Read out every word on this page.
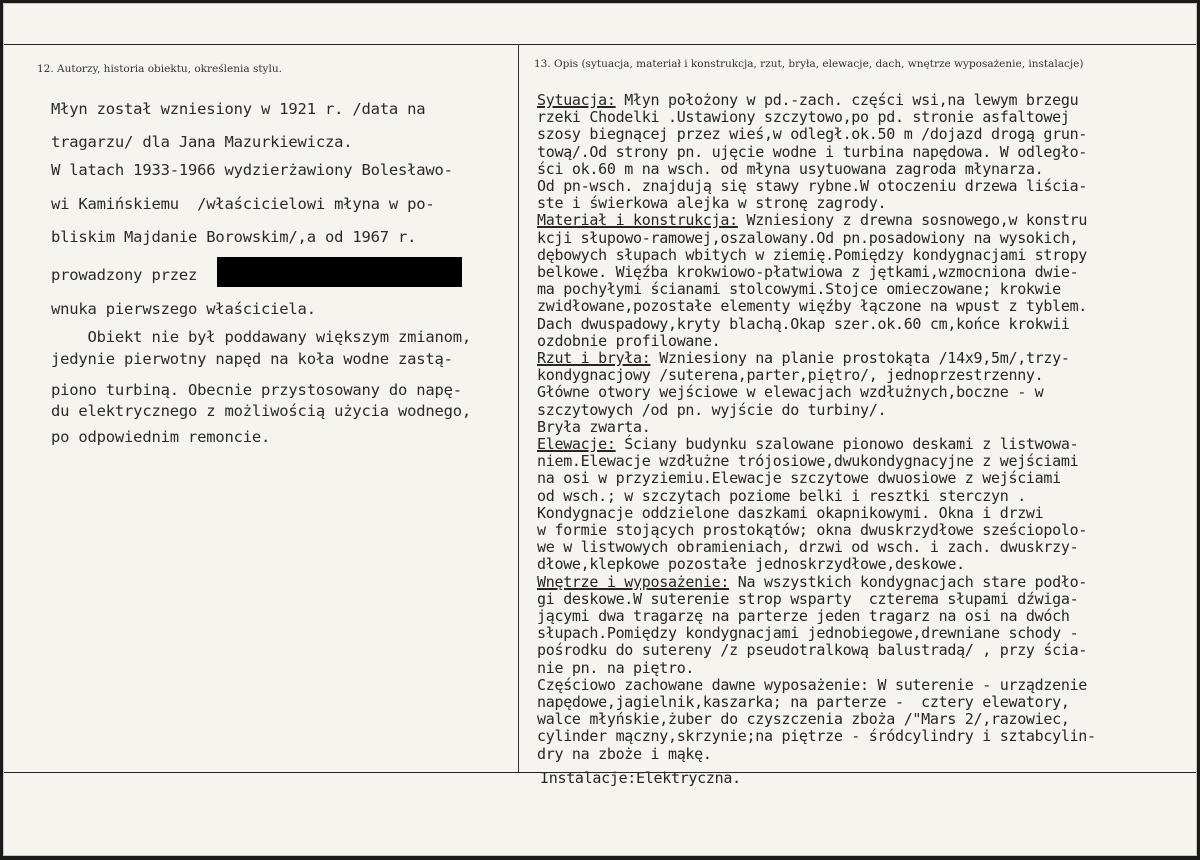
12. Autorzy, historia obiektu, określenia stylu.	13. Opis (sytuacja, materiał i konstrukcja, rzut, bryła, elewacje, dach, wnętrze wyposażenie, instalacje)
Młyn został wzniesiony w 1921 r. /data na
tragarzu/ dla Jana Mazurkiewicza.
W latach 1933-1966 wydzierżawiony Bolesławo-
wi Kamińskiemu  /właścicielowi młyna w po-
bliskim Majdanie Borowskim/,a od 1967 r.
prowadzony przez
wnuka pierwszego właściciela.
Obiekt nie był poddawany większym zmianom,
jedynie pierwotny napęd na koła wodne zastą-
piono turbiną. Obecnie przystosowany do napę-
du elektrycznego z możliwością użycia wodnego,
po odpowiednim remoncie.
Sytuacja: Młyn położony w pd.-zach. części wsi,na lewym brzegu
rzeki Chodelki .Ustawiony szczytowo,po pd. stronie asfaltowej
szosy biegnącej przez wieś,w odległ.ok.50 m /dojazd drogą grun-
tową/.Od strony pn. ujęcie wodne i turbina napędowa. W odległo-
ści ok.60 m na wsch. od młyna usytuowana zagroda młynarza.
Od pn-wsch. znajdują się stawy rybne.W otoczeniu drzewa liścia-
ste i świerkowa alejka w stronę zagrody.
Materiał i konstrukcja: Wzniesiony z drewna sosnowego,w konstru
kcji słupowo-ramowej,oszalowany.Od pn.posadowiony na wysokich,
dębowych słupach wbitych w ziemię.Pomiędzy kondygnacjami stropy
belkowe. Więźba krokwiowo-płatwiowa z jętkami,wzmocniona dwie-
ma pochyłymi ścianami stolcowymi.Stojce omieczowane; krokwie
zwidłowane,pozostałe elementy więźby łączone na wpust z tyblem.
Dach dwuspadowy,kryty blachą.Okap szer.ok.60 cm,końce krokwii
ozdobnie profilowane.
Rzut i bryła: Wzniesiony na planie prostokąta /14x9,5m/,trzy-
kondygnacjowy /suterena,parter,piętro/, jednoprzestrzenny.
Główne otwory wejściowe w elewacjach wzdłużnych,boczne - w
szczytowych /od pn. wyjście do turbiny/.
Bryła zwarta.
Elewacje: Ściany budynku szalowane pionowo deskami z listwowa-
niem.Elewacje wzdłużne trójosiowe,dwukondygnacyjne z wejściami
na osi w przyziemiu.Elewacje szczytowe dwuosiowe z wejściami
od wsch.; w szczytach poziome belki i resztki sterczyn .
Kondygnacje oddzielone daszkami okapnikowymi. Okna i drzwi
w formie stojących prostokątów; okna dwuskrzydłowe sześciopolo-
we w listwowych obramieniach, drzwi od wsch. i zach. dwuskrzy-
dłowe,klepkowe pozostałe jednoskrzydłowe,deskowe.
Wnętrze i wyposażenie: Na wszystkich kondygnacjach stare podło-
gi deskowe.W suterenie strop wsparty  czterema słupami dźwiga-
jącymi dwa tragarzę na parterze jeden tragarz na osi na dwóch
słupach.Pomiędzy kondygnacjami jednobiegowe,drewniane schody -
pośrodku do sutereny /z pseudotralkową balustradą/ , przy ścia-
nie pn. na piętro.
Częściowo zachowane dawne wyposażenie: W suterenie - urządzenie
napędowe,jagielnik,kaszarka; na parterze -  cztery elewatory,
walce młyńskie,żuber do czyszczenia zboża /"Mars 2/,razowiec,
cylinder mączny,skrzynie;na piętrze - śródcylindry i sztabcylin-
dry na zboże i mąkę.
Instalacje:Elektryczna.
